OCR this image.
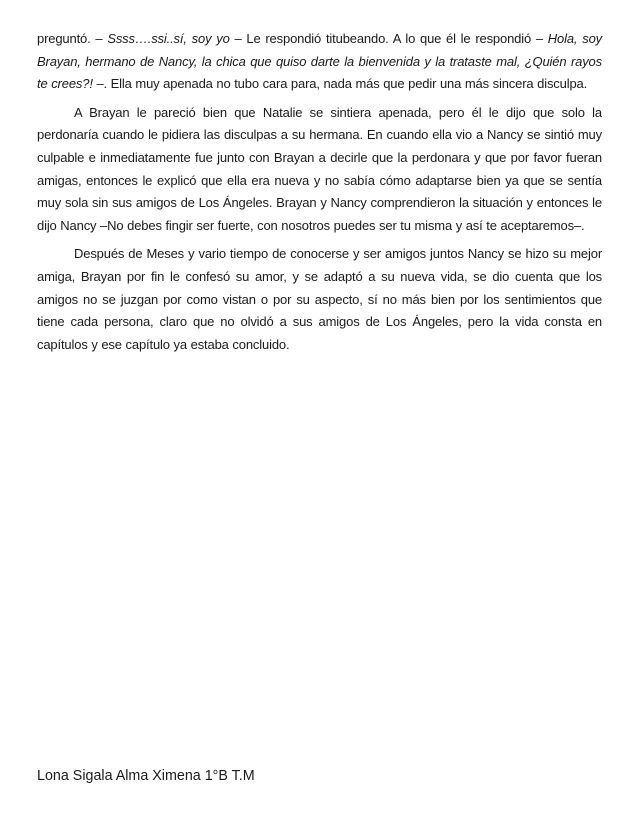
preguntó. – Ssss….ssi..sí, soy yo – Le respondió titubeando. A lo que él le respondió – Hola, soy Brayan, hermano de Nancy, la chica que quiso darte la bienvenida y la trataste mal, ¿Quién rayos te crees?! –. Ella muy apenada no tubo cara para, nada más que pedir una más sincera disculpa.

A Brayan le pareció bien que Natalie se sintiera apenada, pero él le dijo que solo la perdonaría cuando le pidiera las disculpas a su hermana. En cuando ella vio a Nancy se sintió muy culpable e inmediatamente fue junto con Brayan a decirle que la perdonara y que por favor fueran amigas, entonces le explicó que ella era nueva y no sabía cómo adaptarse bien ya que se sentía muy sola sin sus amigos de Los Ángeles. Brayan y Nancy comprendieron la situación y entonces le dijo Nancy –No debes fingir ser fuerte, con nosotros puedes ser tu misma y así te aceptaremos–.

Después de Meses y vario tiempo de conocerse y ser amigos juntos Nancy se hizo su mejor amiga, Brayan por fin le confesó su amor, y se adaptó a su nueva vida, se dio cuenta que los amigos no se juzgan por como vistan o por su aspecto, sí no más bien por los sentimientos que tiene cada persona, claro que no olvidó a sus amigos de Los Ángeles, pero la vida consta en capítulos y ese capítulo ya estaba concluido.

Lona Sigala Alma Ximena 1°B T.M
